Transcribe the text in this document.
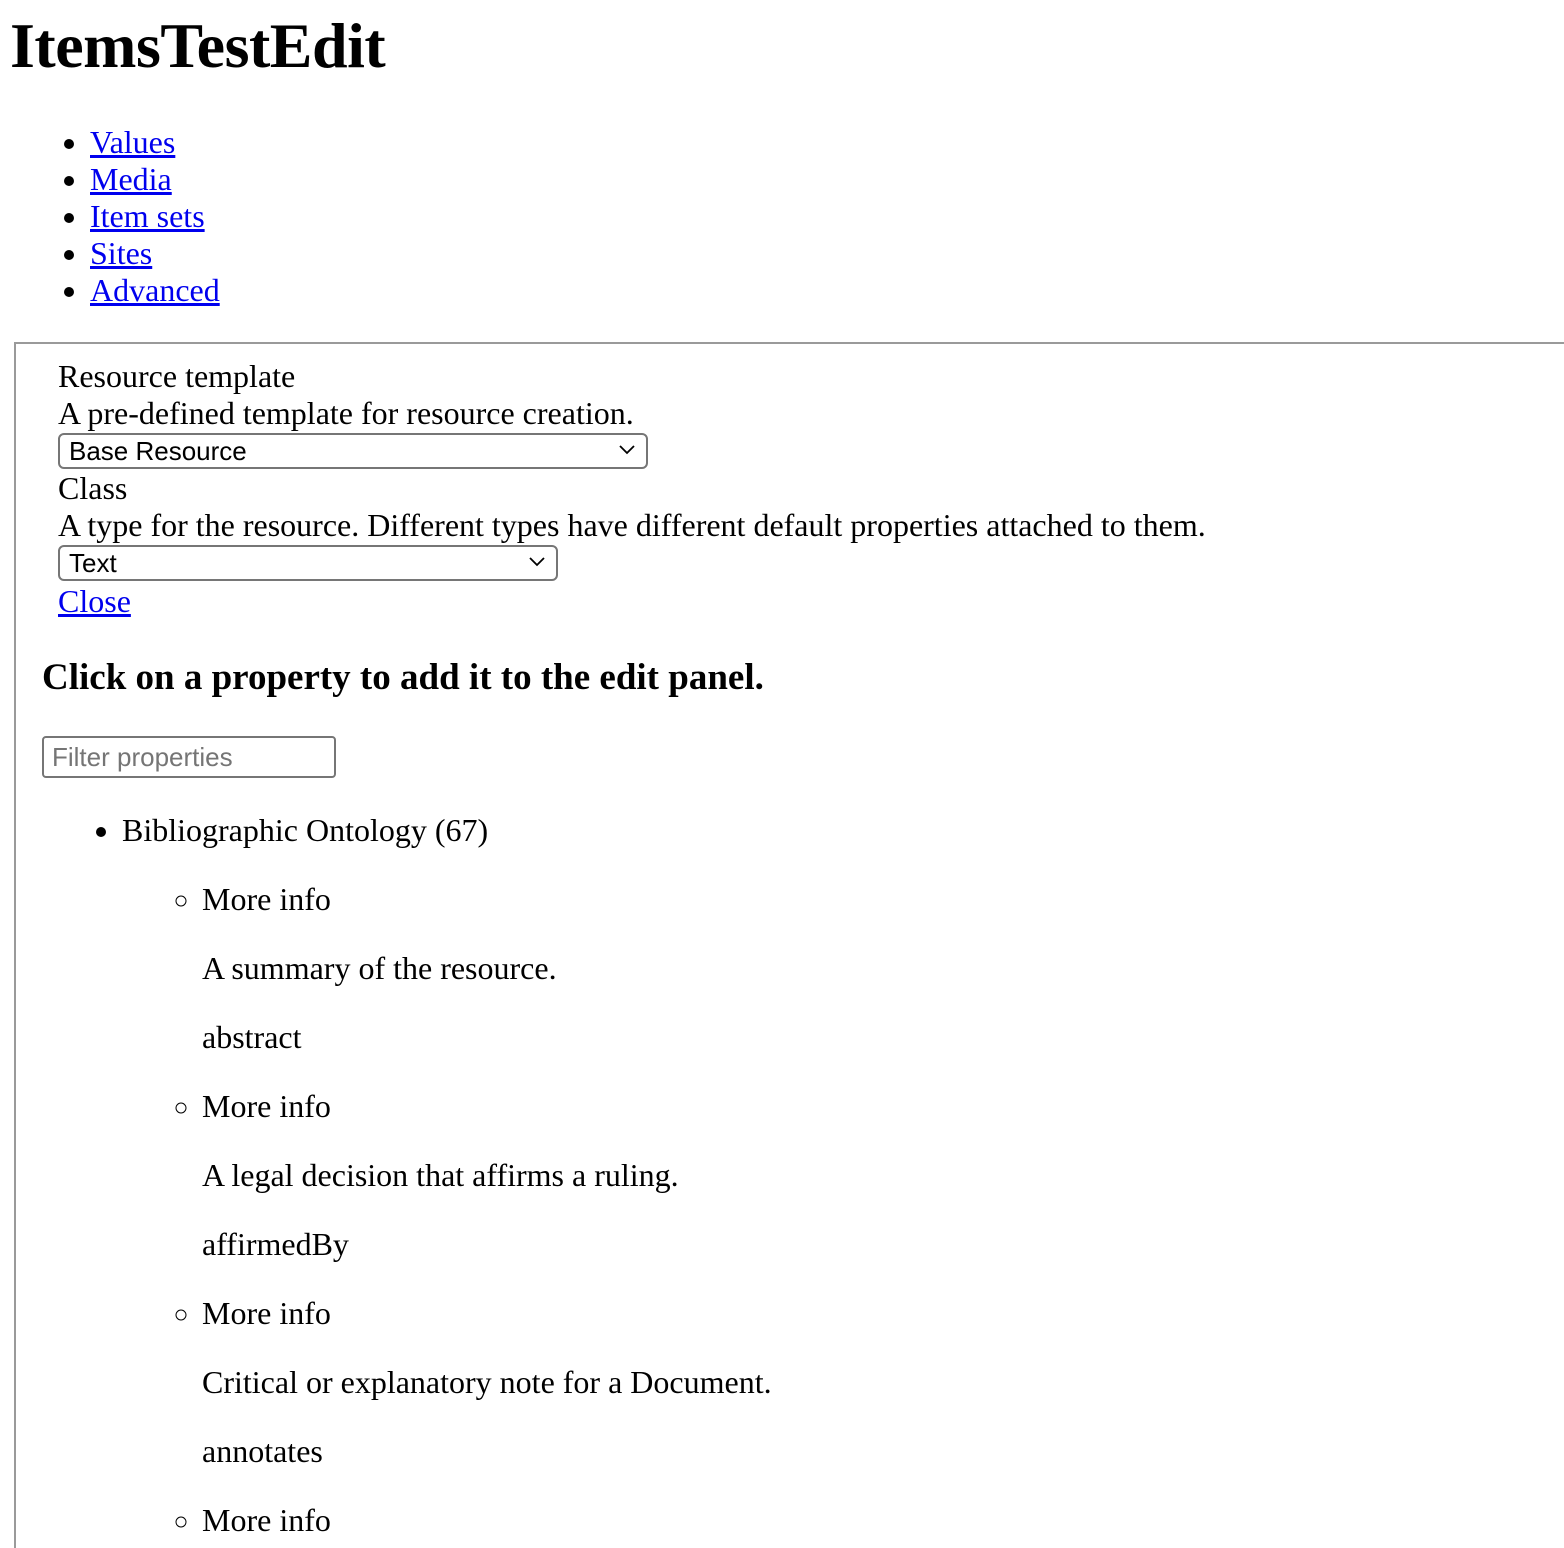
ItemsTestEdit
• Values
• Media
• Item sets
• Sites
• Advanced
Resource template
A pre-defined template for resource creation.
Base Resource
Class
A type for the resource. Different types have different default properties attached to them.
Text
Close
Click on a property to add it to the edit panel.
Filter properties
• Bibliographic Ontology (67)
◦ More info

A summary of the resource.

abstract

◦ More info

A legal decision that affirms a ruling.

affirmedBy

◦ More info

Critical or explanatory note for a Document.

annotates

◦ More info
